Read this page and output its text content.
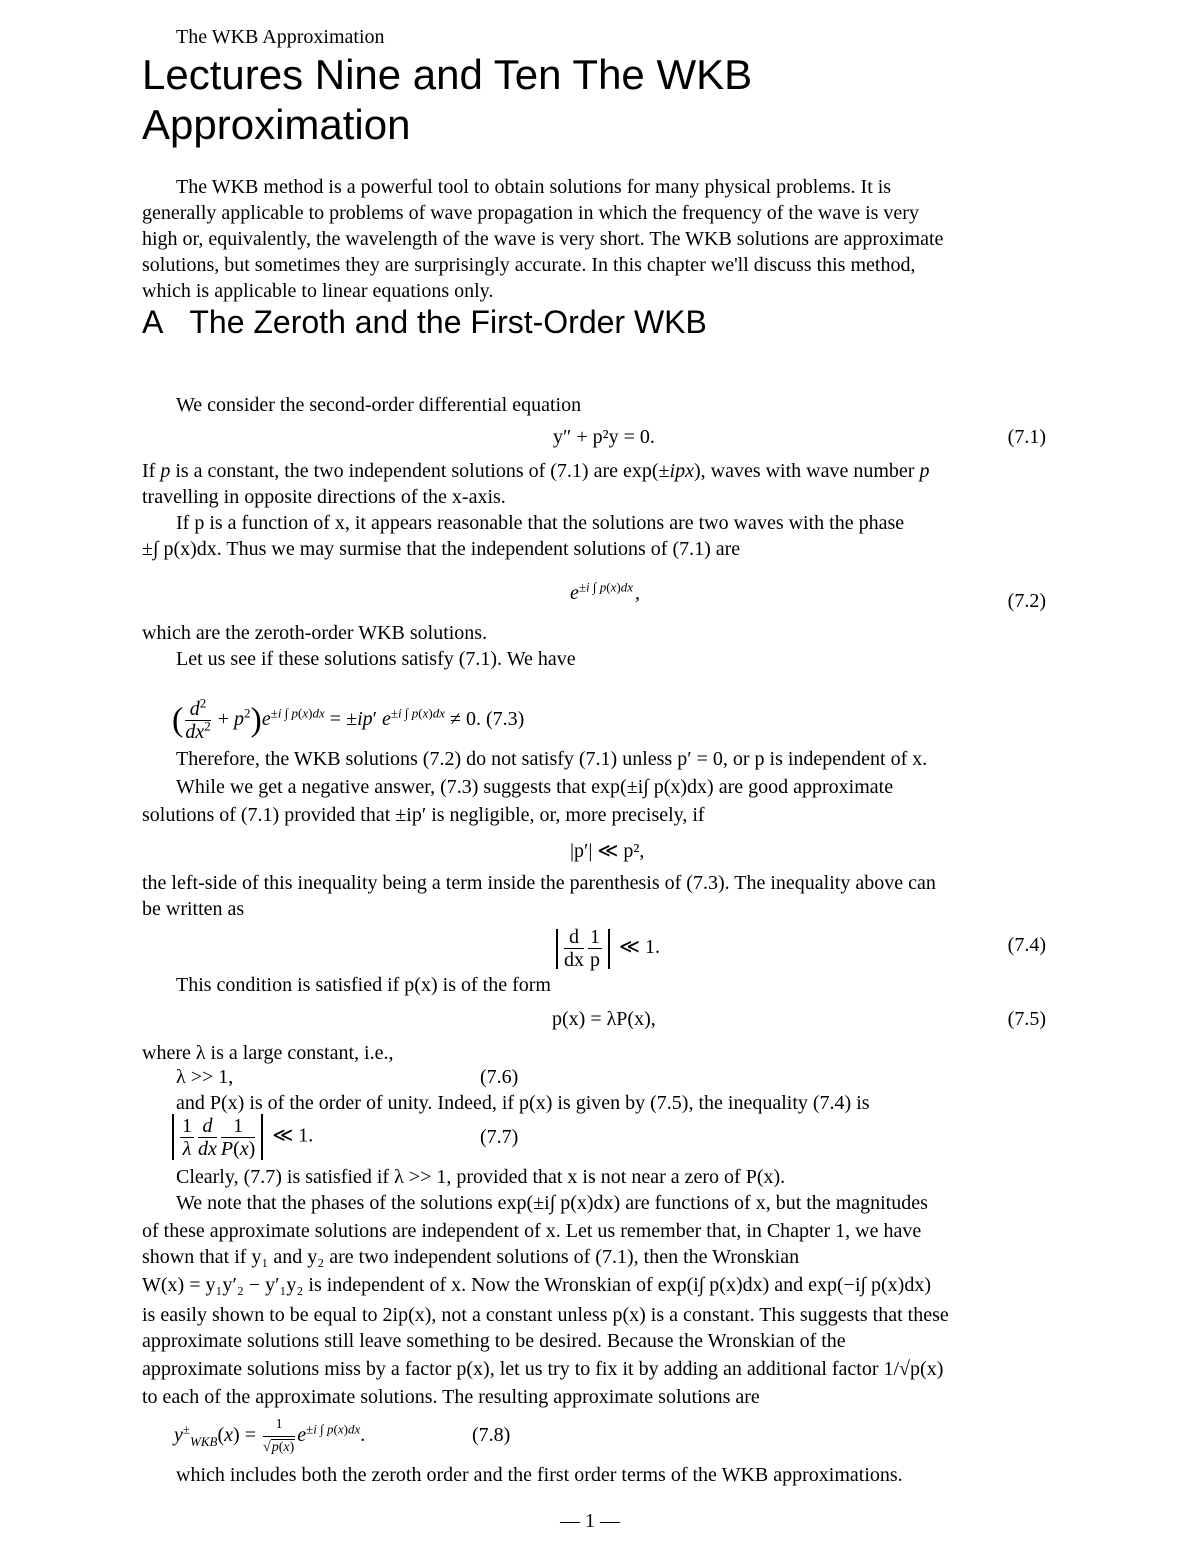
The WKB Approximation
Lectures Nine and Ten The WKB
Approximation
The WKB method is a powerful tool to obtain solutions for many physical problems. It is
generally applicable to problems of wave propagation in which the frequency of the wave is very
high or, equivalently, the wavelength of the wave is very short. The WKB solutions are approximate
solutions, but sometimes they are surprisingly accurate. In this chapter we'll discuss this method,
which is applicable to linear equations only.
A The Zeroth and the First-Order WKB
We consider the second-order differential equation
y″ + p²y = 0.	(7.1)
If p is a constant, the two independent solutions of (7.1) are exp(±ipx), waves with wave number p
travelling in opposite directions of the x-axis.
If p is a function of x, it appears reasonable that the solutions are two waves with the phase
±∫ p(x)dx. Thus we may surmise that the independent solutions of (7.1) are
$e^{\pm i \int p(x)dx}$ ,	(7.2)
which are the zeroth-order WKB solutions.
Let us see if these solutions satisfy (7.1). We have
( $\frac{d^2}{dx^2} + p^2)e^{\pm i \int p(x)dx} = \pm ip'$ $e^{\pm i \int p(x)dx} \ne 0$. (7.3)
Therefore, the WKB solutions (7.2) do not satisfy (7.1) unless p′ = 0, or p is independent of x.
While we get a negative answer, (7.3) suggests that exp(±i∫ p(x)dx) are good approximate
solutions of (7.1) provided that ±ip′ is negligible, or, more precisely, if
|p′| ≪ p²,
the left-side of this inequality being a term inside the parenthesis of (7.3). The inequality above can
be written as
$\frac{d}{dx} \frac{1}{p}$ ≪ 1.	(7.4)
This condition is satisfied if p(x) is of the form
p(x) = λP(x),	(7.5)
where λ is a large constant, i.e.,
λ >> 1,	(7.6)
and P(x) is of the order of unity. Indeed, if p(x) is given by (7.5), the inequality (7.4) is
$\frac{1}{\lambda} \frac{d}{dx} \frac{1}{P(x)}$ ≪ 1.	(7.7)
Clearly, (7.7) is satisfied if λ >> 1, provided that x is not near a zero of P(x).
We note that the phases of the solutions exp(±i∫ p(x)dx) are functions of x, but the magnitudes
of these approximate solutions are independent of x. Let us remember that, in Chapter 1, we have
shown that if y₁ and y₂ are two independent solutions of (7.1), then the Wronskian
W(x) = y₁y′₂ − y′₁y₂ is independent of x. Now the Wronskian of exp(i∫ p(x)dx) and exp(−i∫ p(x)dx)
is easily shown to be equal to 2ip(x), not a constant unless p(x) is a constant. This suggests that these
approximate solutions still leave something to be desired. Because the Wronskian of the
approximate solutions miss by a factor p(x), let us try to fix it by adding an additional factor 1/√p(x)
to each of the approximate solutions. The resulting approximate solutions are
$y^\pm_{WKB}(x) = \frac{1}{√p(x)} e^{\pm i \int p(x)dx}$.	(7.8)
which includes both the zeroth order and the first order terms of the WKB approximations.
— 1 —
